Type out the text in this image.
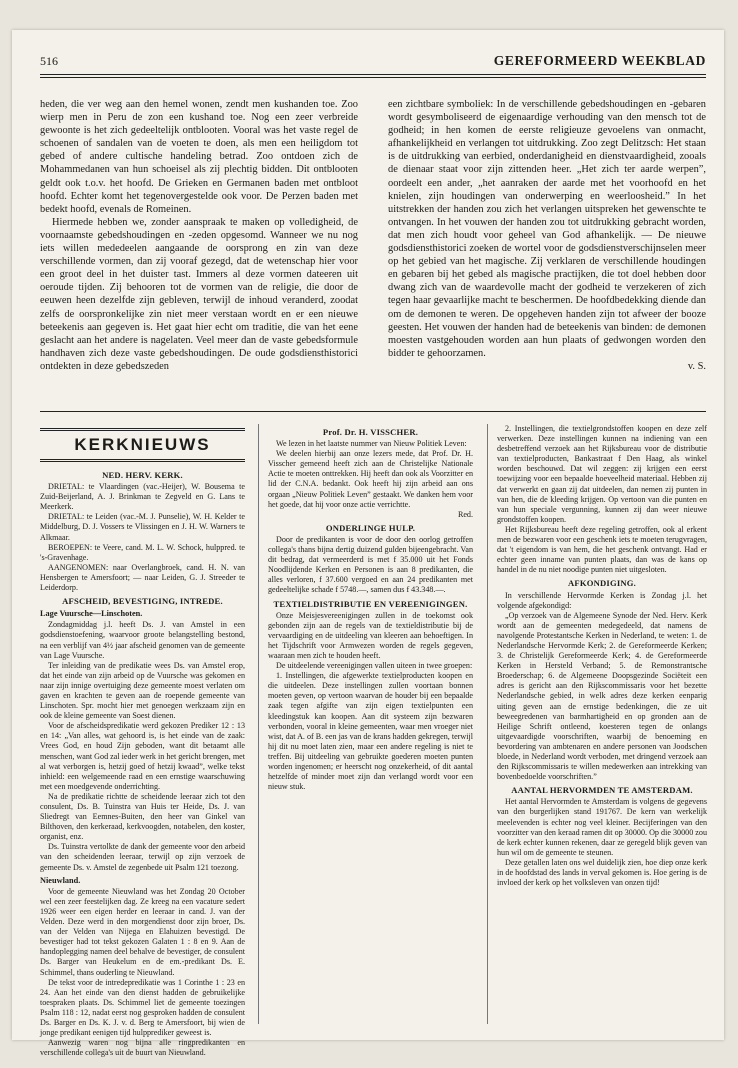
516	GEREFORMEERD WEEKBLAD

heden, die ver weg aan den hemel wonen, zendt men kushanden toe. Zoo wierp men in Peru de zon een kushand toe. Nog een zeer verbreide gewoonte is het zich gedeeltelijk ontblooten. Vooral was het vaste regel de schoenen of sandalen van de voeten te doen, als men een heiligdom tot gebed of andere cultische handeling betrad. Zoo ontdoen zich de Mohammedanen van hun schoeisel als zij plechtig bidden. Dit ontblooten geldt ook t.o.v. het hoofd. De Grieken en Germanen baden met ontbloot hoofd. Echter komt het tegenovergestelde ook voor. De Perzen baden met bedekt hoofd, evenals de Romeinen.

Hiermede hebben we, zonder aanspraak te maken op volledigheid, de voornaamste gebedshoudingen en -zeden opgesomd. Wanneer we nu nog iets willen mededeelen aangaande de oorsprong en zin van deze verschillende vormen, dan zij vooraf gezegd, dat de wetenschap hier voor een groot deel in het duister tast. Immers al deze vormen dateeren uit oeroude tijden. Zij behooren tot de vormen van de religie, die door de eeuwen heen dezelfde zijn gebleven, terwijl de inhoud veranderd, zoodat zelfs de oorspronkelijke zin niet meer verstaan wordt en er een nieuwe beteekenis aan gegeven is. Het gaat hier echt om traditie, die van het eene geslacht aan het andere is nagelaten. Veel meer dan de vaste gebedsformule handhaven zich deze vaste gebedshoudingen. De oude godsdiensthistorici ontdekten in deze gebedszeden

een zichtbare symboliek: In de verschillende gebedshoudingen en -gebaren wordt gesymboliseerd de eigenaardige verhouding van den mensch tot de godheid; in hen komen de eerste religieuze gevoelens van onmacht, afhankelijkheid en verlangen tot uitdrukking. Zoo zegt Delitzsch: Het staan is de uitdrukking van eerbied, onderdanigheid en dienstvaardigheid, zooals de dienaar staat voor zijn zittenden heer. „Het zich ter aarde werpen”, oordeelt een ander, „het aanraken der aarde met het voorhoofd en het knielen, zijn houdingen van onderwerping en weerloosheid.” In het uitstrekken der handen zou zich het verlangen uitspreken het gewenschte te ontvangen. In het vouwen der handen zou tot uitdrukking gebracht worden, dat men zich houdt voor geheel van God afhankelijk. — De nieuwe godsdiensthistorici zoeken de wortel voor de godsdienstverschijnselen meer op het gebied van het magische. Zij verklaren de verschillende houdingen en gebaren bij het gebed als magische practijken, die tot doel hebben door dwang zich van de waardevolle macht der godheid te verzekeren of zich tegen haar gevaarlijke macht te beschermen. De hoofdbedekking diende dan om de demonen te weren. De opgeheven handen zijn tot afweer der booze geesten. Het vouwen der handen had de beteekenis van binden: de demonen moesten vastgehouden worden aan hun plaats of gedwongen worden den bidder te gehoorzamen.

v. S.
KERKNIEUWS
NED. HERV. KERK.

DRIETAL: te Vlaardingen (vac.-Heijer), W. Bousema te Zuid-Beijerland, A. J. Brinkman te Zegveld en G. Lans te Meerkerk.

DRIETAL: te Leiden (vac.-M. J. Punselie), W. H. Kelder te Middelburg, D. J. Vossers te Vlissingen en J. H. W. Warners te Alkmaar.

BEROEPEN: te Veere, cand. M. L. W. Schock, hulppred. te 's-Gravenhage.

AANGENOMEN: naar Overlangbroek, cand. H. N. van Hensbergen te Amersfoort; — naar Leiden, G. J. Streeder te Leiderdorp.

AFSCHEID, BEVESTIGING, INTREDE.
Lage Vuursche—Linschoten.

Zondagmiddag j.l. heeft Ds. J. van Amstel in een godsdienstoefening, waarvoor groote belangstelling bestond, na een verblijf van 4½ jaar afscheid genomen van de gemeente van Lage Vuursche.

Ter inleiding van de predikatie wees Ds. van Amstel erop, dat het einde van zijn arbeid op de Vuursche was gekomen en naar zijn innige overtuiging deze gemeente moest verlaten om gaven en krachten te geven aan de roepende gemeente van Linschoten. Spr. mocht hier met genoegen werkzaam zijn en ook de kleine gemeente van Soest dienen.

Voor de afscheidspredikatie werd gekozen Prediker 12 : 13 en 14: „Van alles, wat gehoord is, is het einde van de zaak: Vrees God, en houd Zijn geboden, want dit betaamt alle menschen, want God zal ieder werk in het gericht brengen, met al wat verborgen is, hetzij goed of hetzij kwaad”, welke tekst inhield: een welgemeende raad en een ernstige waarschuwing met een moedgevende onderrichting.

Na de predikatie richtte de scheidende leeraar zich tot den consulent, Ds. B. Tuinstra van Huis ter Heide, Ds. J. van Sliedregt van Eemnes-Buiten, den heer van Ginkel van Bilthoven, den kerkeraad, kerkvoogden, notabelen, den koster, organist, enz.

Ds. Tuinstra vertolkte de dank der gemeente voor den arbeid van den scheidenden leeraar, terwijl op zijn verzoek de gemeente Ds. v. Amstel de zegenbede uit Psalm 121 toezong.

Nieuwland.

Voor de gemeente Nieuwland was het Zondag 20 October wel een zeer feestelijken dag. Ze kreeg na een vacature sedert 1926 weer een eigen herder en leeraar in cand. J. van der Velden. Deze werd in den morgendienst door zijn broer, Ds. van der Velden van Nijega en Elahuizen bevestigd. De bevestiger had tot tekst gekozen Galaten 1 : 8 en 9. Aan de handoplegging namen deel behalve de bevestiger, de consulent Ds. Barger van Heukelum en de em.-predikant Ds. E. Schimmel, thans ouderling te Nieuwland.

De tekst voor de intredepredikatie was 1 Corinthe 1 : 23 en 24. Aan het einde van den dienst hadden de gebruikelijke toespraken plaats. Ds. Schimmel liet de gemeente toezingen Psalm 118 : 12, nadat eerst nog gesproken hadden de consulent Ds. Barger en Ds. K. J. v. d. Berg te Amersfoort, bij wien de jonge predikant eenigen tijd hulpprediker geweest is.

Aanwezig waren nog bijna alle ringpredikanten en verschillende collega's uit de buurt van Nieuwland.

Prof. Dr. H. VISSCHER.

We lezen in het laatste nummer van Nieuw Politiek Leven:

We deelen hierbij aan onze lezers mede, dat Prof. Dr. H. Visscher gemeend heeft zich aan de Christelijke Nationale Actie te moeten onttrekken. Hij heeft dan ook als Voorzitter en lid der C.N.A. bedankt. Ook heeft hij zijn arbeid aan ons orgaan „Nieuw Politiek Leven” gestaakt. We danken hem voor het goede, dat hij voor onze actie verrichtte.

Red.

ONDERLINGE HULP.

Door de predikanten is voor de door den oorlog getroffen collega's thans bijna dertig duizend gulden bijeengebracht. Van dit bedrag, dat vermeerderd is met f 35.000 uit het Fonds Noodlijdende Kerken en Personen is aan 8 predikanten, die alles verloren, f 37.600 vergoed en aan 24 predikanten met gedeeltelijke schade f 5748.—, samen dus f 43.348.—.

TEXTIELDISTRIBUTIE EN VEREENIGINGEN.

Onze Meisjesvereenigingen zullen in de toekomst ook gebonden zijn aan de regels van de textieldistributie bij de vervaardiging en de uitdeeling van kleeren aan behoeftigen. In het Tijdschrift voor Armwezen worden de regels gegeven, waaraan men zich te houden heeft.

De uitdeelende vereenigingen vallen uiteen in twee groepen:

1. Instellingen, die afgewerkte textielproducten koopen en die uitdeelen. Deze instellingen zullen voortaan bonnen moeten geven, op vertoon waarvan de houder bij een bepaalde zaak tegen afgifte van zijn eigen textielpunten een kleedingstuk kan koopen. Aan dit systeem zijn bezwaren verbonden, vooral in kleine gemeenten, waar men vroeger niet wist, dat A. of B. een jas van de krans hadden gekregen, terwijl hij dit nu moet laten zien, maar een andere regeling is niet te treffen. Bij uitdeeling van gebruikte goederen moeten punten worden ingenomen; er heerscht nog onzekerheid, of dit aantal hetzelfde of minder moet zijn dan verlangd wordt voor een nieuw stuk.

2. Instellingen, die textielgrondstoffen koopen en deze zelf verwerken. Deze instellingen kunnen na indiening van een desbetreffend verzoek aan het Rijksbureau voor de distributie van textielproducten, Bankastraat f Den Haag, als winkel worden beschouwd. Dat wil zeggen: zij krijgen een eerst toewijzing voor een bepaalde hoeveelheid materiaal. Hebben zij dat verwerkt en gaan zij dat uitdeelen, dan nemen zij punten in van hen, die de kleeding krijgen. Op vertoon van die punten en van hun speciale vergunning, kunnen zij dan weer nieuwe grondstoffen koopen.

Het Rijksbureau heeft deze regeling getroffen, ook al erkent men de bezwaren voor een geschenk iets te moeten terugvragen, dat 't eigendom is van hem, die het geschenk ontvangt. Had er echter geen inname van punten plaats, dan was de kans op handel in de nu niet noodige punten niet uitgesloten.

AFKONDIGING.

In verschillende Hervormde Kerken is Zondag j.l. het volgende afgekondigd:

„Op verzoek van de Algemeene Synode der Ned. Herv. Kerk wordt aan de gemeenten medegedeeld, dat namens de navolgende Protestantsche Kerken in Nederland, te weten: 1. de Nederlandsche Hervormde Kerk; 2. de Gereformeerde Kerken; 3. de Christelijk Gereformeerde Kerk; 4. de Gereformeerde Kerken in Hersteld Verband; 5. de Remonstrantsche Broederschap; 6. de Algemeene Doopsgezinde Sociëteit een adres is gericht aan den Rijkscommissaris voor het bezette Nederlandsche gebied, in welk adres deze kerken eenparig uiting geven aan de ernstige bedenkingen, die ze uit beweegredenen van barmhartigheid en op gronden aan de Heilige Schrift ontleend, koesteren tegen de onlangs uitgevaardigde voorschriften, waarbij de benoeming en bevordering van ambtenaren en andere personen van Joodschen bloede, in Nederland wordt verboden, met dringend verzoek aan den Rijkscommissaris te willen medewerken aan intrekking van bovenbedoelde voorschriften.”

AANTAL HERVORMDEN TE AMSTERDAM.

Het aantal Hervormden te Amsterdam is volgens de gegevens van den burgerlijken stand 191767. De kern van werkelijk meelevenden is echter nog veel kleiner. Becijferingen van den voorzitter van den keraad ramen dit op 30000. Op die 30000 zou de kerk echter kunnen rekenen, daar ze geregeld blijk geven van hun wil om de gemeente te steunen.

Deze getallen laten ons wel duidelijk zien, hoe diep onze kerk in de hoofdstad des lands in verval gekomen is. Hoe gering is de invloed der kerk op het volksleven van onzen tijd!
